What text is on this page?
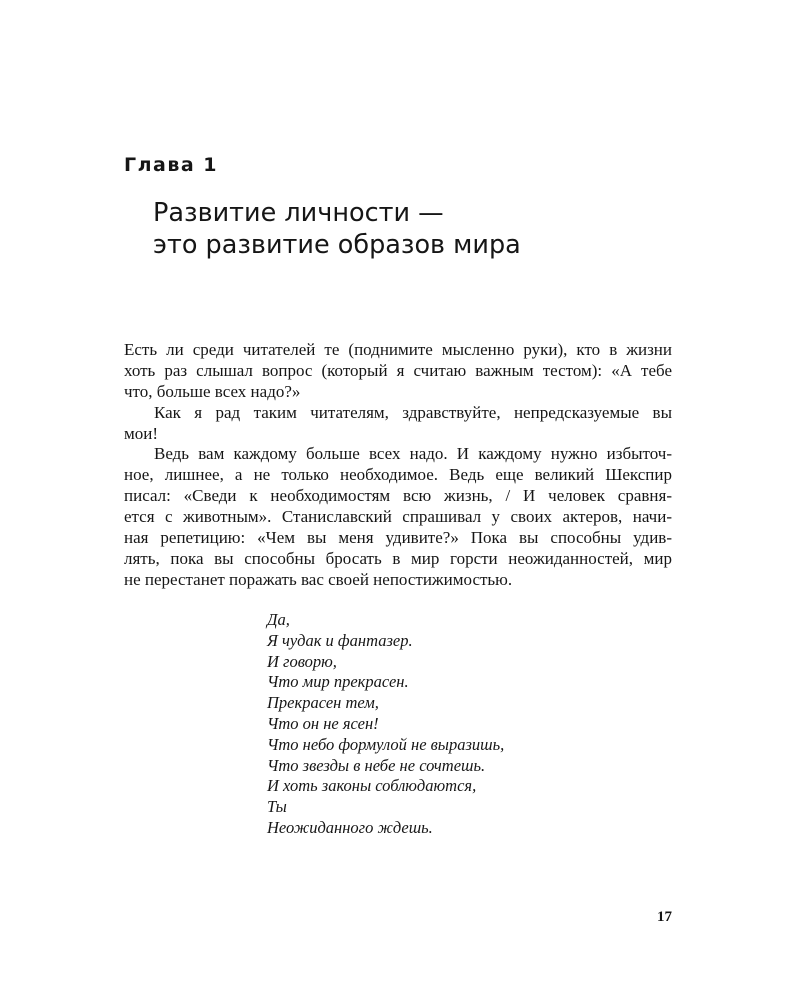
Глава 1
Развитие личности —
это развитие образов мира
Есть ли среди читателей те (поднимите мысленно руки), кто в жизни
хоть раз слышал вопрос (который я считаю важным тестом): «А тебе
что, больше всех надо?»
Как я рад таким читателям, здравствуйте, непредсказуемые вы
мои!
Ведь вам каждому больше всех надо. И каждому нужно избыточ-
ное, лишнее, а не только необходимое. Ведь еще великий Шекспир
писал: «Сведи к необходимостям всю жизнь, / И человек сравня-
ется с животным». Станиславский спрашивал у своих актеров, начи-
ная репетицию: «Чем вы меня удивите?» Пока вы способны удив-
лять, пока вы способны бросать в мир горсти неожиданностей, мир
не перестанет поражать вас своей непостижимостью.
Да,
Я чудак и фантазер.
И говорю,
Что мир прекрасен.
Прекрасен тем,
Что он не ясен!
Что небо формулой не выразишь,
Что звезды в небе не сочтешь.
И хоть законы соблюдаются,
Ты
Неожиданного ждешь.
17
